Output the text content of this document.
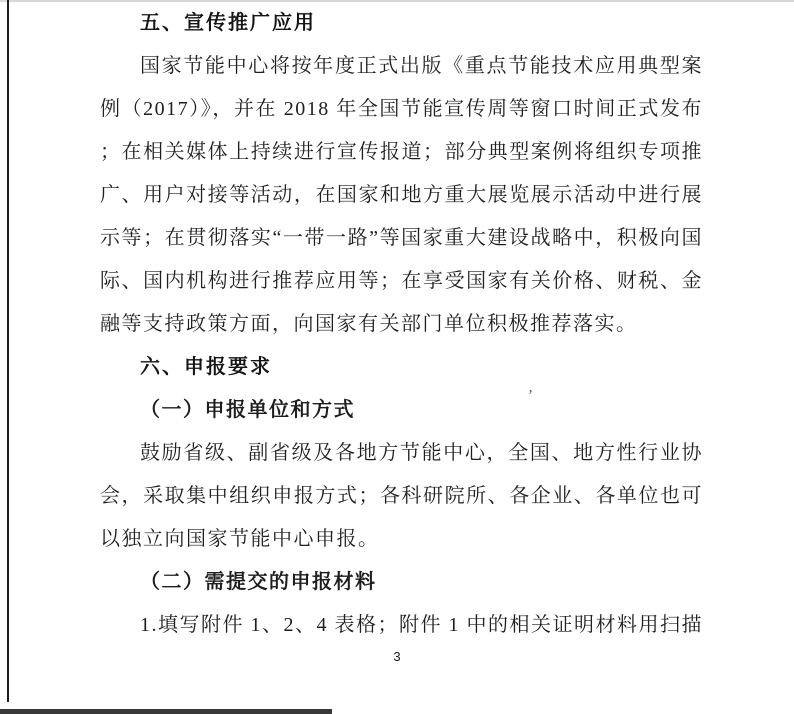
五、宣传推广应用

国家节能中心将按年度正式出版《重点节能技术应用典型案例（2017）》，并在 2018 年全国节能宣传周等窗口时间正式发布；在相关媒体上持续进行宣传报道；部分典型案例将组织专项推广、用户对接等活动，在国家和地方重大展览展示活动中进行展示等；在贯彻落实“一带一路”等国家重大建设战略中，积极向国际、国内机构进行推荐应用等；在享受国家有关价格、财税、金融等支持政策方面，向国家有关部门单位积极推荐落实。

六、申报要求
（一）申报单位和方式

鼓励省级、副省级及各地方节能中心，全国、地方性行业协会，采取集中组织申报方式；各科研院所、各企业、各单位也可以独立向国家节能中心申报。

（二）需提交的申报材料

1.填写附件 1、2、4 表格；附件 1 中的相关证明材料用扫描

ʼ
3
